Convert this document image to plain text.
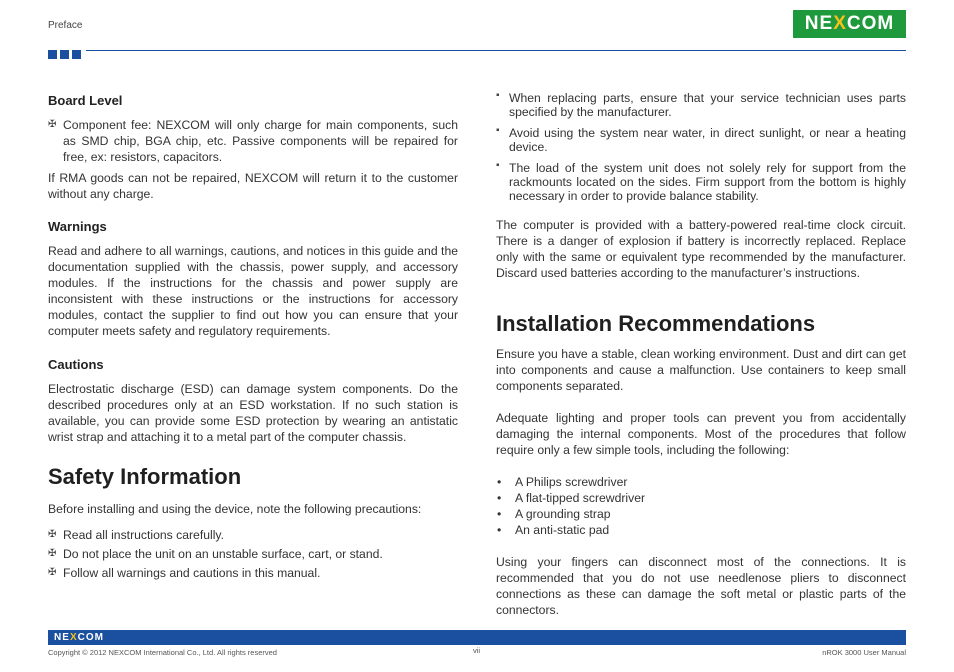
Preface	NEXCOM
Board Level
✠ Component fee: NEXCOM will only charge for main components, such as SMD chip, BGA chip, etc. Passive components will be repaired for free, ex: resistors, capacitors.

If RMA goods can not be repaired, NEXCOM will return it to the customer without any charge.

Warnings

Read and adhere to all warnings, cautions, and notices in this guide and the documentation supplied with the chassis, power supply, and accessory modules. If the instructions for the chassis and power supply are inconsistent with these instructions or the instructions for accessory modules, contact the supplier to find out how you can ensure that your computer meets safety and regulatory requirements.

Cautions

Electrostatic discharge (ESD) can damage system components. Do the described procedures only at an ESD workstation. If no such station is available, you can provide some ESD protection by wearing an antistatic wrist strap and attaching it to a metal part of the computer chassis.

Safety Information

Before installing and using the device, note the following precautions:

✠ Read all instructions carefully.
✠ Do not place the unit on an unstable surface, cart, or stand.
✠ Follow all warnings and cautions in this manual.
▪ When replacing parts, ensure that your service technician uses parts specified by the manufacturer.
▪ Avoid using the system near water, in direct sunlight, or near a heating device.
▪ The load of the system unit does not solely rely for support from the rackmounts located on the sides. Firm support from the bottom is highly necessary in order to provide balance stability.

The computer is provided with a battery-powered real-time clock circuit. There is a danger of explosion if battery is incorrectly replaced. Replace only with the same or equivalent type recommended by the manufacturer. Discard used batteries according to the manufacturer’s instructions.

Installation Recommendations

Ensure you have a stable, clean working environment. Dust and dirt can get into components and cause a malfunction. Use containers to keep small components separated.

Adequate lighting and proper tools can prevent you from accidentally damaging the internal components. Most of the procedures that follow require only a few simple tools, including the following:

• A Philips screwdriver
• A flat-tipped screwdriver
• A grounding strap
• An anti-static pad

Using your fingers can disconnect most of the connections. It is recommended that you do not use needlenose pliers to disconnect connections as these can damage the soft metal or plastic parts of the connectors.

NEXCOM
Copyright © 2012 NEXCOM International Co., Ltd. All rights reserved	vii	nROK 3000 User Manual
